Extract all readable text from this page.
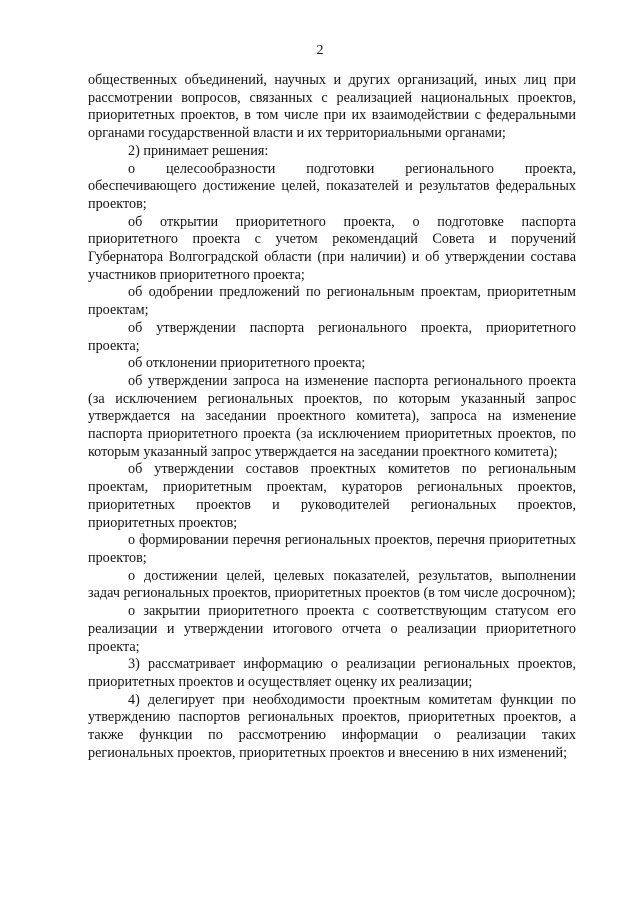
2

общественных объединений, научных и других организаций, иных лиц при рассмотрении вопросов, связанных с реализацией национальных проектов, приоритетных проектов, в том числе при их взаимодействии с федеральными органами государственной власти и их территориальными органами;

2) принимает решения:

о целесообразности подготовки регионального проекта, обеспечивающего достижение целей, показателей и результатов федеральных проектов;

об открытии приоритетного проекта, о подготовке паспорта приоритетного проекта с учетом рекомендаций Совета и поручений Губернатора Волгоградской области (при наличии) и об утверждении состава участников приоритетного проекта;

об одобрении предложений по региональным проектам, приоритетным проектам;

об утверждении паспорта регионального проекта, приоритетного проекта;

об отклонении приоритетного проекта;

об утверждении запроса на изменение паспорта регионального проекта (за исключением региональных проектов, по которым указанный запрос утверждается на заседании проектного комитета), запроса на изменение паспорта приоритетного проекта (за исключением приоритетных проектов, по которым указанный запрос утверждается на заседании проектного комитета);

об утверждении составов проектных комитетов по региональным проектам, приоритетным проектам, кураторов региональных проектов, приоритетных проектов и руководителей региональных проектов, приоритетных проектов;

о формировании перечня региональных проектов, перечня приоритетных проектов;

о достижении целей, целевых показателей, результатов, выполнении задач региональных проектов, приоритетных проектов (в том числе досрочном);

о закрытии приоритетного проекта с соответствующим статусом его реализации и утверждении итогового отчета о реализации приоритетного проекта;

3) рассматривает информацию о реализации региональных проектов, приоритетных проектов и осуществляет оценку их реализации;

4) делегирует при необходимости проектным комитетам функции по утверждению паспортов региональных проектов, приоритетных проектов, а также функции по рассмотрению информации о реализации таких региональных проектов, приоритетных проектов и внесению в них изменений;
